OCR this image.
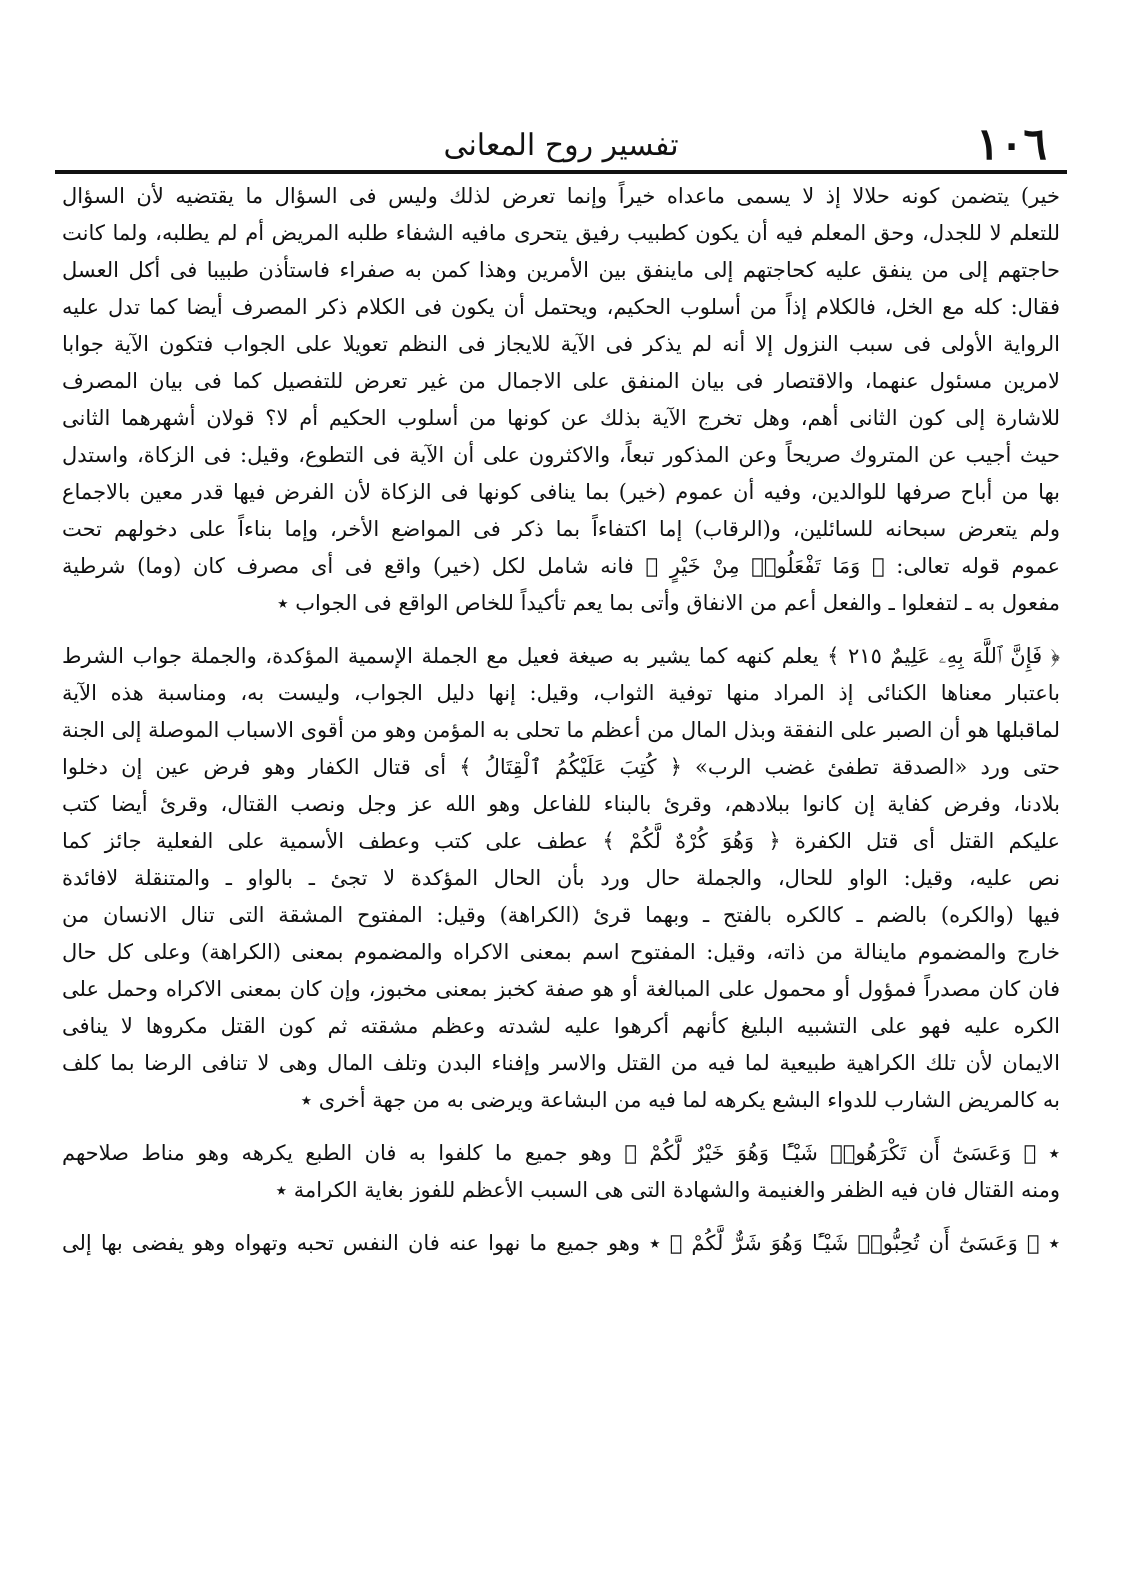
١٠٦
تفسير روح المعانى
خير) يتضمن كونه حلالا إذ لا يسمى ماعداه خيراً وإنما تعرض لذلك وليس فى السؤال ما يقتضيه لأن السؤال
للتعلم لا للجدل، وحق المعلم فيه أن يكون كطبيب رفيق يتحرى مافيه الشفاء طلبه المريض أم لم يطلبه، ولما كانت
حاجتهم إلى من ينفق عليه كحاجتهم إلى ماينفق بين الأمرين وهذا كمن به صفراء فاستأذن طبيبا فى أكل العسل
فقال: كله مع الخل، فالكلام إذاً من أسلوب الحكيم، ويحتمل أن يكون فى الكلام ذكر المصرف أيضا كما تدل عليه
الرواية الأولى فى سبب النزول إلا أنه لم يذكر فى الآية للايجاز فى النظم تعويلا على الجواب فتكون الآية جوابا
لامرين مسئول عنهما، والاقتصار فى بيان المنفق على الاجمال من غير تعرض للتفصيل كما فى بيان المصرف
للاشارة إلى كون الثانى أهم، وهل تخرج الآية بذلك عن كونها من أسلوب الحكيم أم لا؟ قولان أشهرهما الثانى
حيث أجيب عن المتروك صريحاً وعن المذكور تبعاً، والاكثرون على أن الآية فى التطوع، وقيل: فى الزكاة، واستدل
بها من أباح صرفها للوالدين، وفيه أن عموم (خير) بما ينافى كونها فى الزكاة لأن الفرض فيها قدر معين بالاجماع
ولم يتعرض سبحانه للسائلين، و(الرقاب) إما اكتفاءاً بما ذكر فى المواضع الأخر، وإما بناءاً على دخولهم تحت
عموم قوله تعالى: ﴿ وَمَا تَفْعَلُوا۟ مِنْ خَيْرٍ ﴾ فانه شامل لكل (خير) واقع فى أى مصرف كان (وما) شرطية
مفعول به ـ لتفعلوا ـ والفعل أعم من الانفاق وأتى بما يعم تأكيداً للخاص الواقع فى الجواب ٭
﴿ فَإِنَّ ٱللَّهَ بِهِۦ عَلِيمٌ ٢١٥ ﴾ يعلم كنهه كما يشير به صيغة فعيل مع الجملة الإسمية المؤكدة، والجملة جواب الشرط
باعتبار معناها الكنائى إذ المراد منها توفية الثواب، وقيل: إنها دليل الجواب، وليست به، ومناسبة هذه الآية
لماقبلها هو أن الصبر على النفقة وبذل المال من أعظم ما تحلى به المؤمن وهو من أقوى الاسباب الموصلة إلى الجنة
حتى ورد «الصدقة تطفئ غضب الرب» ﴿ كُتِبَ عَلَيْكُمُ ٱلْقِتَالُ ﴾ أى قتال الكفار وهو فرض عين إن دخلوا
بلادنا، وفرض كفاية إن كانوا ببلادهم، وقرئ بالبناء للفاعل وهو الله عز وجل ونصب القتال، وقرئ أيضا كتب
عليكم القتل أى قتل الكفرة ﴿ وَهُوَ كُرْهٌ لَّكُمْ ﴾ عطف على كتب وعطف الأسمية على الفعلية جائز كما
نص عليه، وقيل: الواو للحال، والجملة حال ورد بأن الحال المؤكدة لا تجئ ـ بالواو ـ والمتنقلة لافائدة
فيها (والكره) بالضم ـ كالكره بالفتح ـ وبهما قرئ (الكراهة) وقيل: المفتوح المشقة التى تنال الانسان من
خارج والمضموم ماينالة من ذاته، وقيل: المفتوح اسم بمعنى الاكراه والمضموم بمعنى (الكراهة) وعلى كل حال
فان كان مصدراً فمؤول أو محمول على المبالغة أو هو صفة كخبز بمعنى مخبوز، وإن كان بمعنى الاكراه وحمل على
الكره عليه فهو على التشبيه البليغ كأنهم أكرهوا عليه لشدته وعظم مشقته ثم كون القتل مكروها لا ينافى
الايمان لأن تلك الكراهية طبيعية لما فيه من القتل والاسر وإفناء البدن وتلف المال وهى لا تنافى الرضا بما كلف
به كالمريض الشارب للدواء البشع يكرهه لما فيه من البشاعة ويرضى به من جهة أخرى ٭
٭ ﴿ وَعَسَىٰٓ أَن تَكْرَهُوا۟ شَيْـًٔا وَهُوَ خَيْرٌ لَّكُمْ ﴾ وهو جميع ما كلفوا به فان الطبع يكرهه وهو مناط صلاحهم
ومنه القتال فان فيه الظفر والغنيمة والشهادة التى هى السبب الأعظم للفوز بغاية الكرامة ٭
٭ ﴿ وَعَسَىٰٓ أَن تُحِبُّوا۟ شَيْـًٔا وَهُوَ شَرٌّ لَّكُمْ ﴾ ٭ وهو جميع ما نهوا عنه فان النفس تحبه وتهواه وهو يفضى بها إلى
